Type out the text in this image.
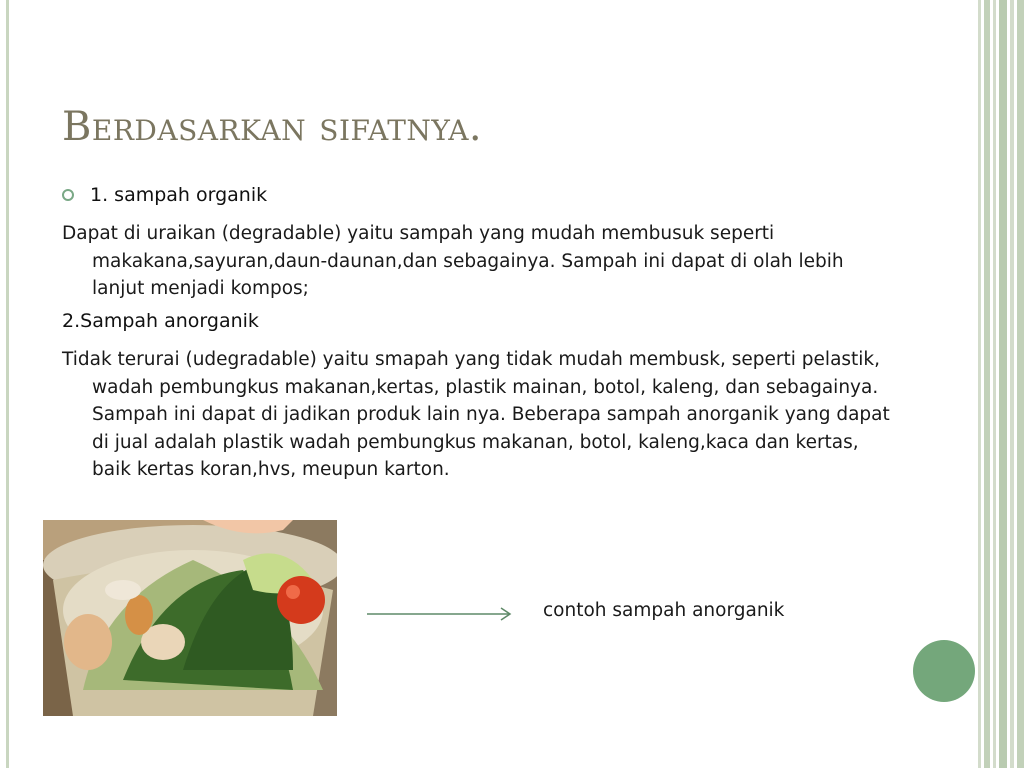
Berdasarkan sifatnya.
1. sampah organik
Dapat di uraikan (degradable) yaitu sampah yang mudah membusuk seperti makakana,sayuran,daun-daunan,dan sebagainya. Sampah ini dapat di olah lebih lanjut menjadi kompos;
2.Sampah anorganik
Tidak terurai (udegradable) yaitu smapah yang tidak mudah membusk, seperti pelastik, wadah pembungkus makanan,kertas, plastik mainan, botol, kaleng, dan sebagainya. Sampah ini dapat di jadikan produk lain nya. Beberapa sampah anorganik yang dapat di jual adalah plastik wadah pembungkus makanan, botol, kaleng,kaca dan kertas, baik kertas koran,hvs, meupun karton.
contoh sampah anorganik
